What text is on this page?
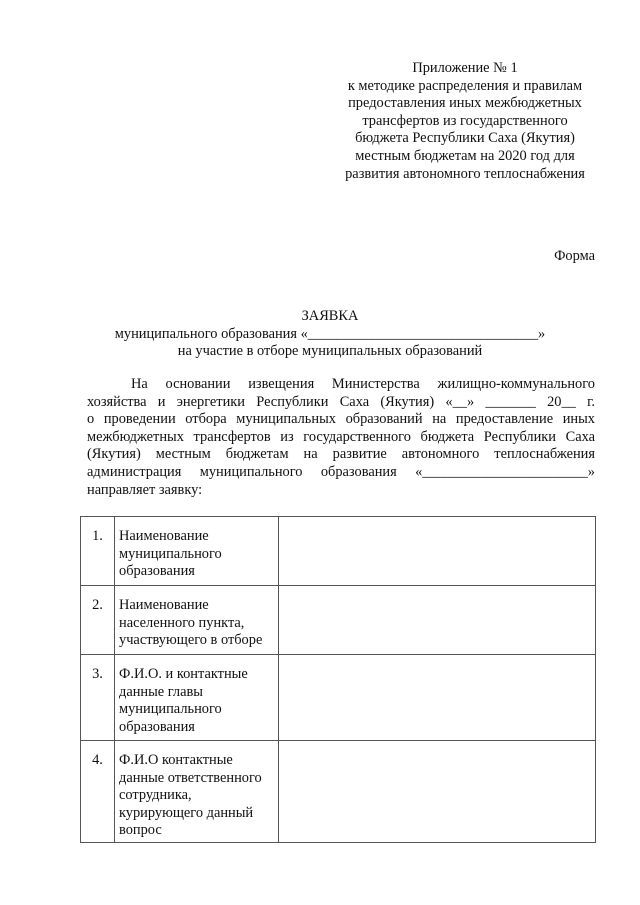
Приложение № 1
к методике распределения и правилам
предоставления иных межбюджетных
трансфертов из государственного
бюджета Республики Саха (Якутия)
местным бюджетам на 2020 год для
развития автономного теплоснабжения
Форма
ЗАЯВКА
муниципального образования «________________________________»
на участие в отборе муниципальных образований
На основании извещения Министерства жилищно-коммунального
хозяйства и энергетики Республики Саха (Якутия) «__» _______ 20__ г.
о проведении отбора муниципальных образований на предоставление иных
межбюджетных трансфертов из государственного бюджета Республики Саха
(Якутия) местным бюджетам на развитие автономного теплоснабжения
администрация муниципального образования «_______________________»
направляет заявку:
1.	Наименование
муниципального
образования	

2.	Наименование
населенного пункта,
участвующего в отборе	

3.	Ф.И.О. и контактные
данные главы
муниципального
образования	

4.	Ф.И.О контактные
данные ответственного
сотрудника,
курирующего данный
вопрос	
